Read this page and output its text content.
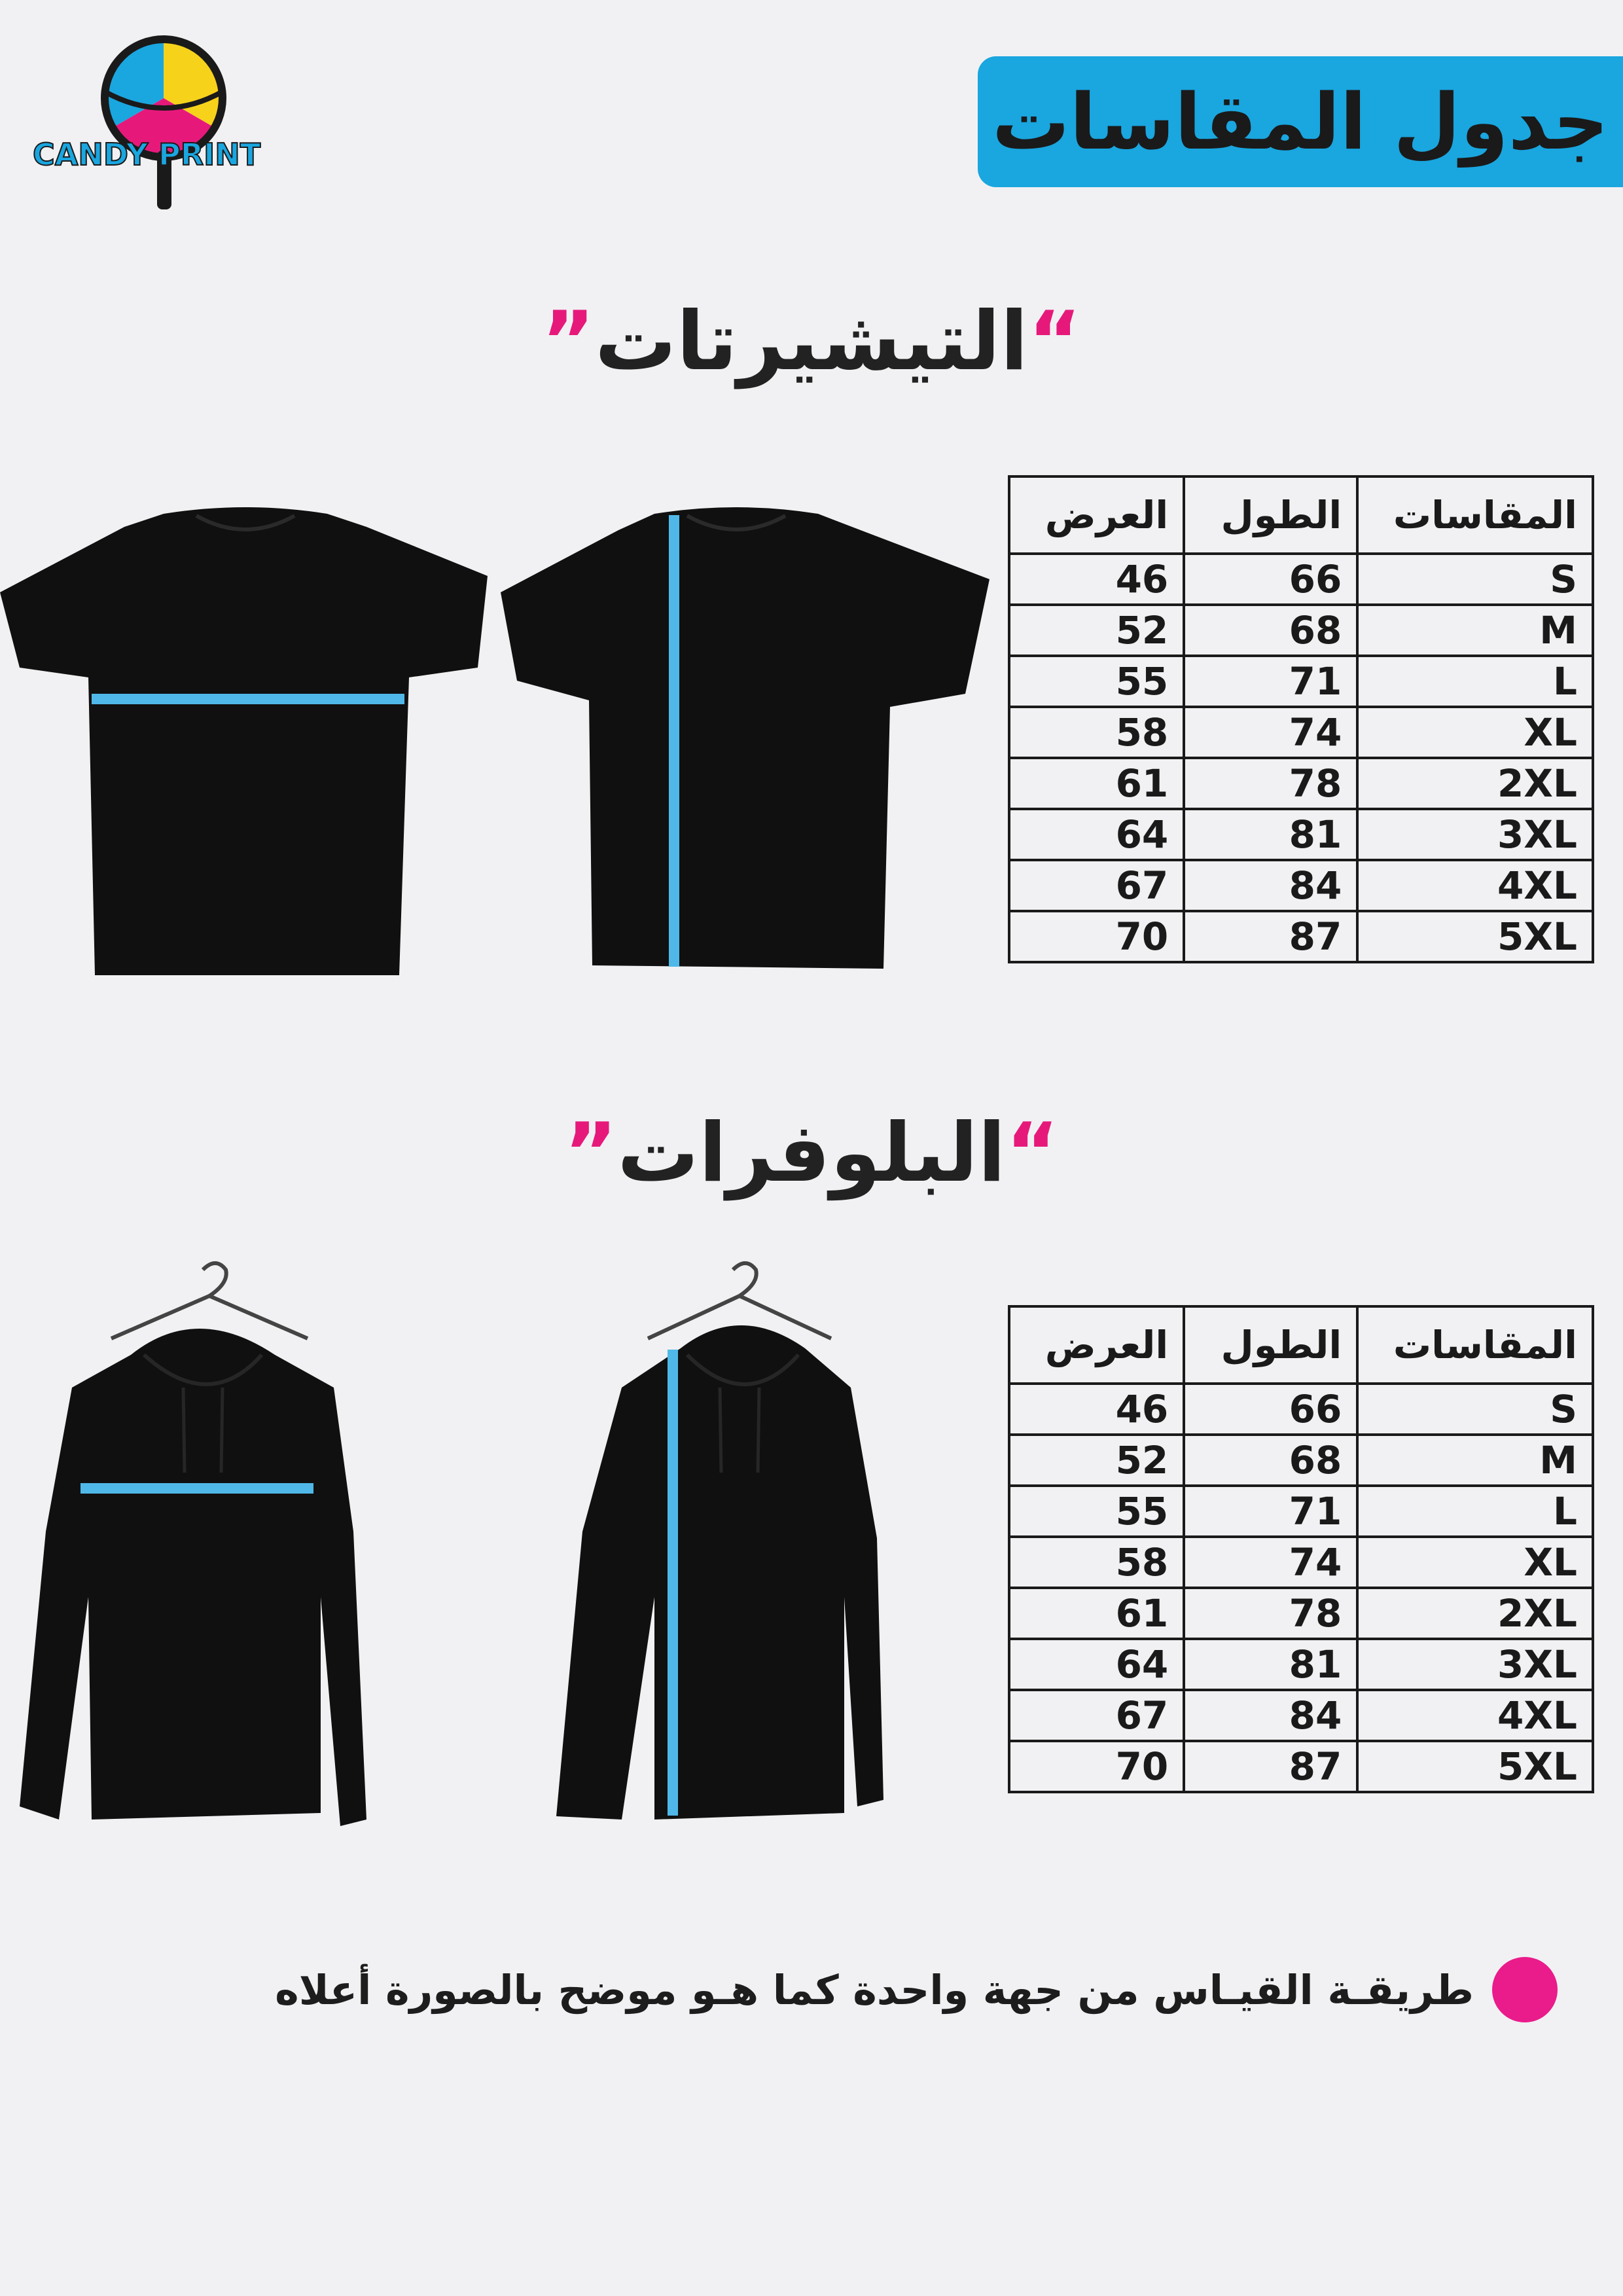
CANDY PRINT	جدول المقاسات
“التيشيرتات”
المقاسات	الطول	العرض
S	66	46
M	68	52
L	71	55
XL	74	58
2XL	78	61
3XL	81	64
4XL	84	67
5XL	87	70
“البلوفرات”
المقاسات	الطول	العرض
S	66	46
M	68	52
L	71	55
XL	74	58
2XL	78	61
3XL	81	64
4XL	84	67
5XL	87	70
طريقـة القيـاس من جهة واحدة كما هـو موضح بالصورة أعلاه
